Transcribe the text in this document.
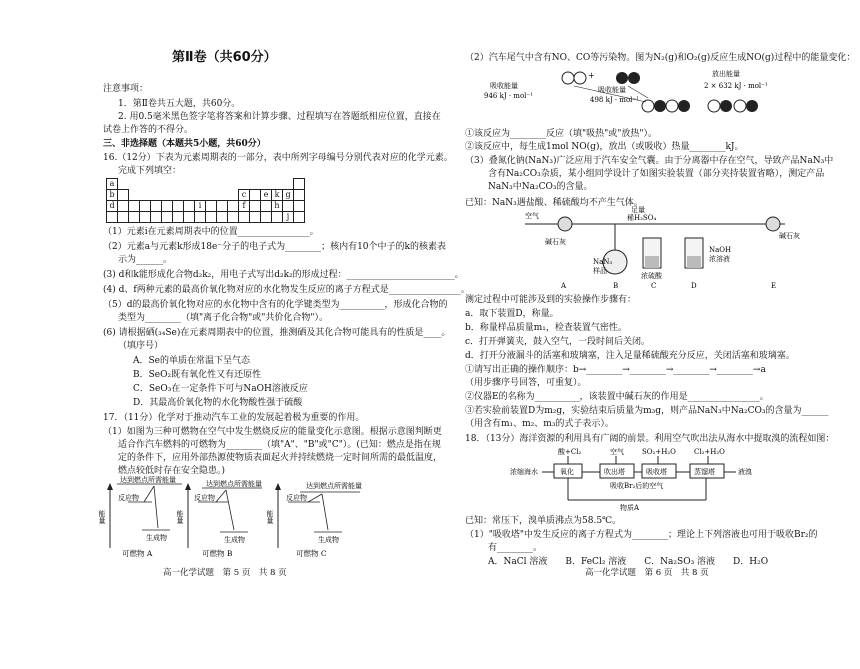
第Ⅱ卷（共60分）
注意事项：
1．第Ⅱ卷共五大题，共60分。
2. 用0.5毫米黑色签字笔将答案和计算步骤、过程填写在答题纸相应位置，直接在
试卷上作答的不得分。
三、非选择题（本题共5小题，共60分）
16.（12分）下表为元素周期表的一部分，表中所列字母编号分别代表对应的化学元素。
完成下列填空：
a																	
b												c		e	k	g	
d								i				f			h		
																j	
（1）元素i在元素周期表中的位置________________。
（2）元素a与元素k形成18e⁻分子的电子式为________；核内有10个中子的k的核素表
示为______。
(3) d和k能形成化合物d₂k₂，用电子式写出d₂k₂的形成过程：________________________。
(4) d、f两种元素的最高价氧化物对应的水化物发生反应的离子方程式是________________。
（5）d的最高价氧化物对应的水化物中含有的化学键类型为__________，形成化合物的
类型为________（填"离子化合物"或"共价化合物"）。
(6) 请根据硒(₃₄Se)在元素周期表中的位置，推测硒及其化合物可能具有的性质是____。
（填序号）
A．Se的单质在常温下呈气态
B．SeO₂既有氧化性又有还原性
C．SeO₃在一定条件下可与NaOH溶液反应
D．其最高价氧化物的水化物酸性强于硫酸
17．（11分）化学对于推动汽车工业的发展起着极为重要的作用。
（1）如图为三种可燃物在空气中发生燃烧反应的能量变化示意图。根据示意图判断更
适合作汽车燃料的可燃物为________（填"A"、"B"或"C"）。(已知：燃点是指在规
定的条件下，应用外部热源使物质表面起火并持续燃烧一定时间所需的最低温度，
燃点较低时存在安全隐患。)
能量
达到燃点所需能量
反应物
生成物
可燃物 A
能量
达到燃点所需能量
反应物
生成物
可燃物 B
能量
达到燃点所需能量
反应物
生成物
可燃物 C
高一化学试题　第 5 页　共 8 页
（2）汽车尾气中含有NO、CO等污染物。图为N₂(g)和O₂(g)反应生成NO(g)过程中的能量变化：
+
吸收能量
946 kJ · mol⁻¹
吸收能量
498 kJ · mol⁻¹
放出能量
2 × 632 kJ · mol⁻¹
①该反应为________反应（填"吸热"或"放热"）。
②该反应中，每生成1mol NO(g)，放出（或吸收）热量________kJ。
（3）叠氮化钠(NaN₃)广泛应用于汽车安全气囊。由于分离器中存在空气，导致产品NaN₃中
含有Na₂CO₃杂质，某小组同学设计了如图实验装置（部分夹持装置省略），测定产品
NaN₃中Na₂CO₃的含量。
已知：NaN₃遇盐酸、稀硫酸均不产生气体。
空气
碱石灰
足量
稀H₂SO₄
NaN₃
样品
浓硫酸
NaOH
浓溶液
碱石灰
A	B	C	D	E
测定过程中可能涉及到的实验操作步骤有：
a．取下装置D，称量。
b．称量样品质量m₁，检查装置气密性。
c．打开弹簧夹，鼓入空气，一段时间后关闭。
d．打开分液漏斗的活塞和玻璃塞，注入足量稀硫酸充分反应，关闭活塞和玻璃塞。
①请写出正确的操作顺序：b→________→________→________→________→a
（用步骤序号回答，可重复）。
②仪器E的名称为__________，该装置中碱石灰的作用是________________。
③若实验前装置D为m₂g，实验结束后质量为m₃g，则产品NaN₃中Na₂CO₃的含量为______
（用含有m₁、m₂、m₃的式子表示）。
18．（13分）海洋资源的利用具有广阔的前景。利用空气吹出法从海水中提取溴的流程如图：
酸+Cl₂	空气	SO₂+H₂O	Cl₂+H₂O
浓缩海水	氧化	吹出塔	吸收塔	蒸馏塔	液溴
吸收Br₂后的空气
物质A
已知：常压下，溴单质沸点为58.5℃。
（1）"吸收塔"中发生反应的离子方程式为________；理论上下列溶液也可用于吸收Br₂的
有________。
A．NaCl 溶液　　B．FeCl₂ 溶液　　C．Na₂SO₃ 溶液　　D．H₂O
高一化学试题　第 6 页　共 8 页
